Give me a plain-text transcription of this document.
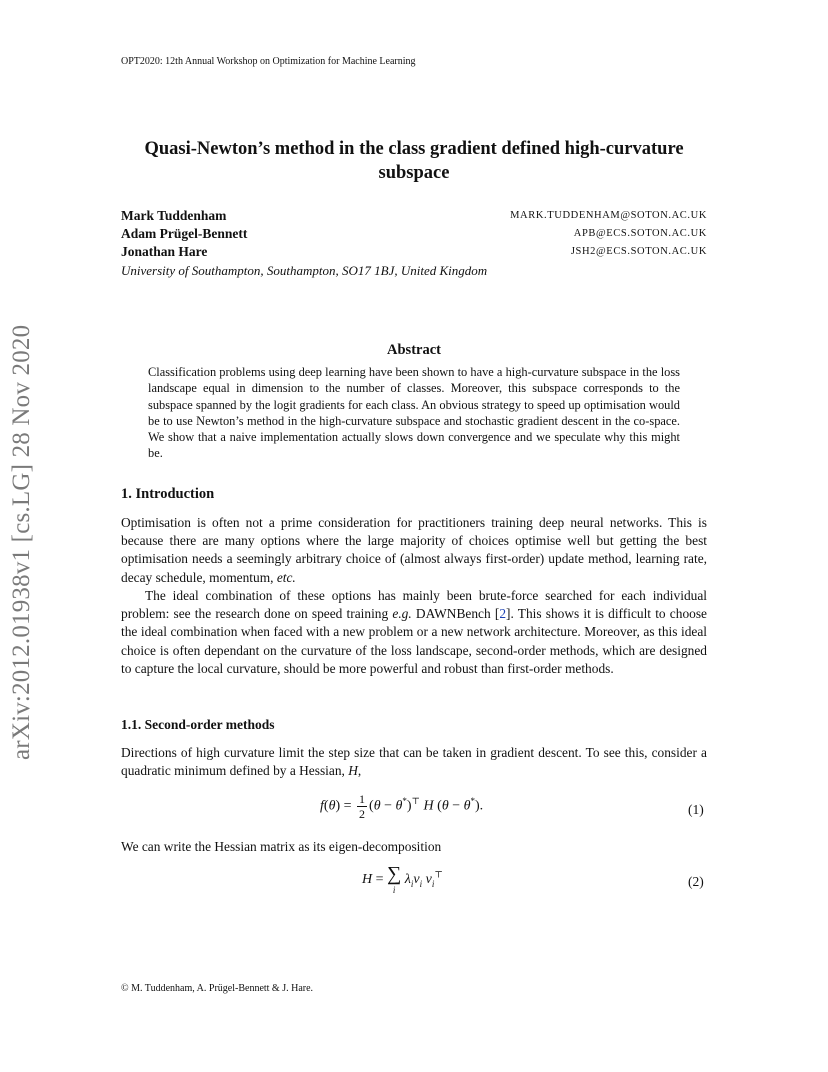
OPT2020: 12th Annual Workshop on Optimization for Machine Learning
arXiv:2012.01938v1 [cs.LG] 28 Nov 2020
Quasi-Newton’s method in the class gradient defined high-curvature subspace
Mark Tuddenham	MARK.TUDDENHAM@SOTON.AC.UK
Adam Prügel-Bennett	APB@ECS.SOTON.AC.UK
Jonathan Hare	JSH2@ECS.SOTON.AC.UK
University of Southampton, Southampton, SO17 1BJ, United Kingdom
Abstract

Classification problems using deep learning have been shown to have a high-curvature subspace in the loss landscape equal in dimension to the number of classes. Moreover, this subspace corresponds to the subspace spanned by the logit gradients for each class. An obvious strategy to speed up optimisation would be to use Newton’s method in the high-curvature subspace and stochastic gradient descent in the co-space. We show that a naive implementation actually slows down convergence and we speculate why this might be.

1. Introduction

Optimisation is often not a prime consideration for practitioners training deep neural networks. This is because there are many options where the large majority of choices optimise well but getting the best optimisation needs a seemingly arbitrary choice of (almost always first-order) update method, learning rate, decay schedule, momentum, etc.

The ideal combination of these options has mainly been brute-force searched for each individual problem: see the research done on speed training e.g. DAWNBench [2]. This shows it is difficult to choose the ideal combination when faced with a new problem or a new network architecture. Moreover, as this ideal choice is often dependant on the curvature of the loss landscape, second-order methods, which are designed to capture the local curvature, should be more powerful and robust than first-order methods.

1.1. Second-order methods

Directions of high curvature limit the step size that can be taken in gradient descent. To see this, consider a quadratic minimum defined by a Hessian, H,

$f(\theta) = \frac{1}{2} (\theta - \theta^*)^⊤$ H (θ − θ*).	(1)

We can write the Hessian matrix as its eigen-decomposition

H = ∑
i
$\lambda_iv_i$ $v_i^⊤$	(2)
© M. Tuddenham, A. Prügel-Bennett & J. Hare.
